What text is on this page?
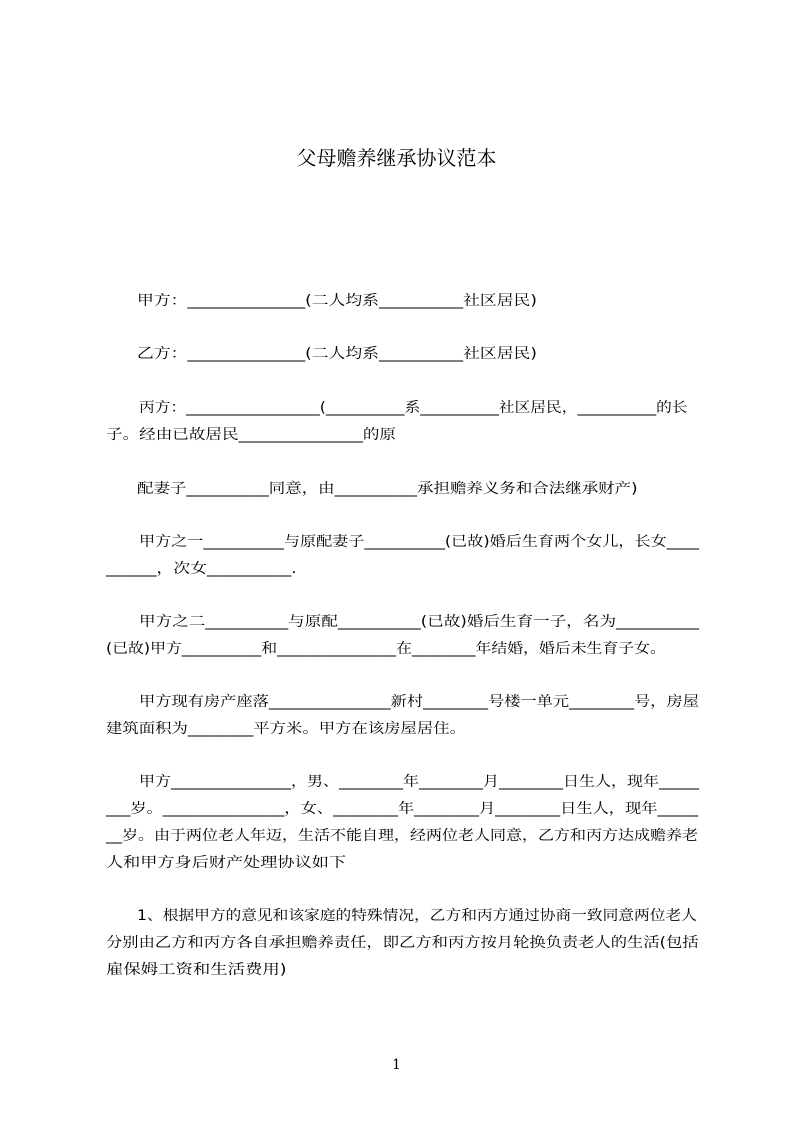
父母赡养继承协议范本
甲方：______________(二人均系__________社区居民)
乙方：______________(二人均系__________社区居民)
丙方：_________________(__________系__________社区居民，__________的长
子。经由已故居民_______________的原
配妻子__________同意，由__________承担赡养义务和合法继承财产)
甲方之一__________与原配妻子__________(已故)婚后生育两个女儿，长女____
______，次女__________.
甲方之二__________与原配__________(已故)婚后生育一子，名为__________
(已故)甲方__________和_______________在________年结婚，婚后未生育子女。
甲方现有房产座落_______________新村________号楼一单元________号，房屋
建筑面积为________平方米。甲方在该房屋居住。
甲方_______________，男、________年________月________日生人，现年_____
___岁。_______________，女、________年________月________日生人，现年_____
__岁。由于两位老人年迈，生活不能自理，经两位老人同意，乙方和丙方达成赡养老
人和甲方身后财产处理协议如下
1、根据甲方的意见和该家庭的特殊情况，乙方和丙方通过协商一致同意两位老人
分别由乙方和丙方各自承担赡养责任，即乙方和丙方按月轮换负责老人的生活(包括
雇保姆工资和生活费用)
1
